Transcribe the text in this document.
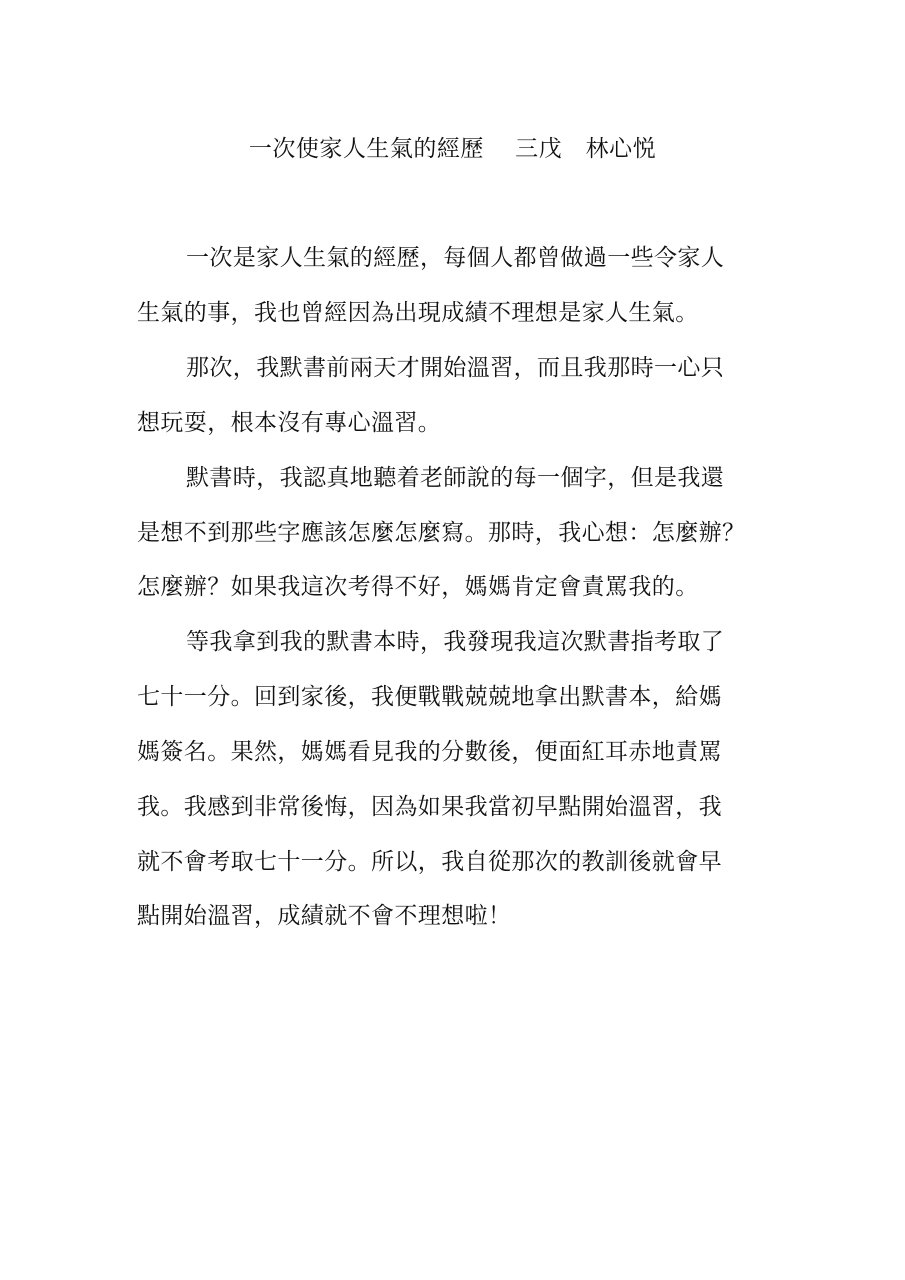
一次使家人生氣的經歷　 三戊　林心悦
一次是家人生氣的經歷，每個人都曾做過一些令家人
生氣的事，我也曾經因為出現成績不理想是家人生氣。
那次，我默書前兩天才開始溫習，而且我那時一心只
想玩耍，根本沒有專心溫習。
默書時，我認真地聽着老師說的每一個字，但是我還
是想不到那些字應該怎麼怎麼寫。那時，我心想：怎麼辦？
怎麼辦？如果我這次考得不好，媽媽肯定會責罵我的。
等我拿到我的默書本時，我發現我這次默書指考取了
七十一分。回到家後，我便戰戰兢兢地拿出默書本，給媽
媽簽名。果然，媽媽看見我的分數後，便面紅耳赤地責罵
我。我感到非常後悔，因為如果我當初早點開始溫習，我
就不會考取七十一分。所以，我自從那次的教訓後就會早
點開始溫習，成績就不會不理想啦！
